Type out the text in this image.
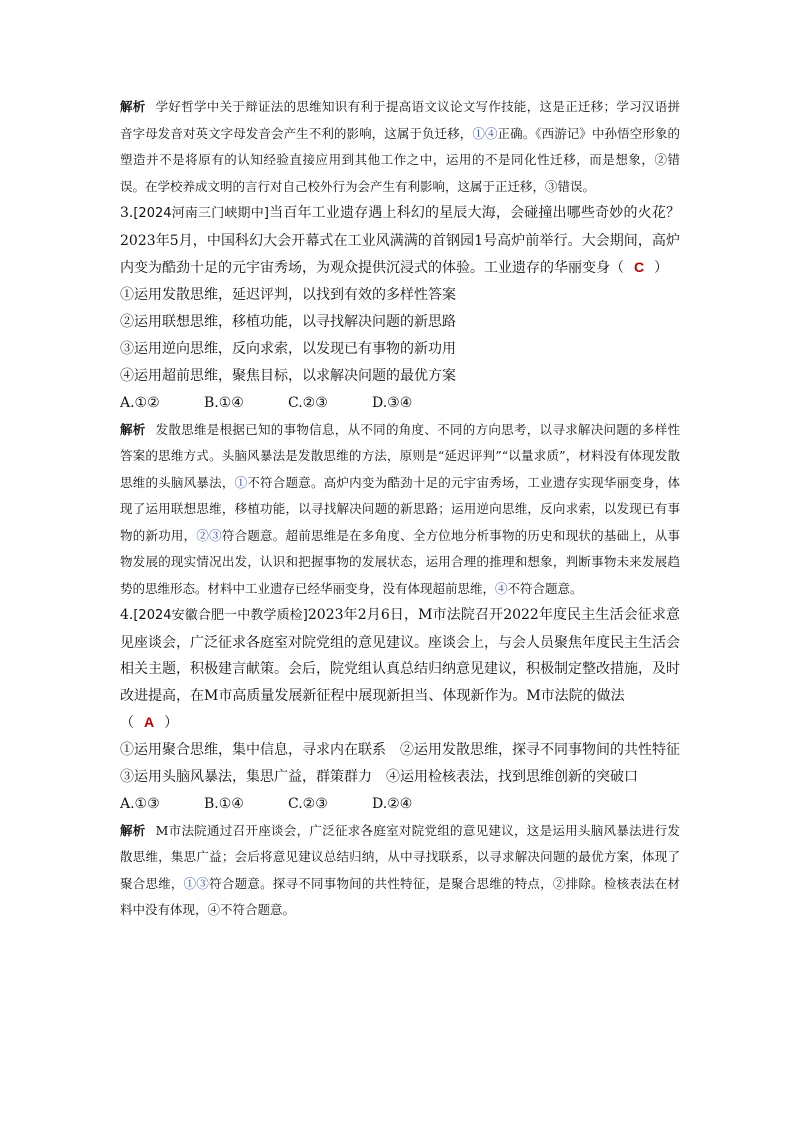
解析 学好哲学中关于辩证法的思维知识有利于提高语文议论文写作技能，这是正迁移；学习汉语拼音字母发音对英文字母发音会产生不利的影响，这属于负迁移，①④正确。《西游记》中孙悟空形象的塑造并不是将原有的认知经验直接应用到其他工作之中，运用的不是同化性迁移，而是想象，②错误。在学校养成文明的言行对自己校外行为会产生有利影响，这属于正迁移，③错误。

3.[2024河南三门峡期中]当百年工业遗存遇上科幻的星辰大海，会碰撞出哪些奇妙的火花？2023年5月，中国科幻大会开幕式在工业风满满的首钢园1号高炉前举行。大会期间，高炉内变为酷劲十足的元宇宙秀场，为观众提供沉浸式的体验。工业遗存的华丽变身（ C ）

①运用发散思维，延迟评判，以找到有效的多样性答案

②运用联想思维，移植功能，以寻找解决问题的新思路

③运用逆向思维，反向求索，以发现已有事物的新功用

④运用超前思维，聚焦目标，以求解决问题的最优方案

A.①②	B.①④	C.②③	D.③④

解析 发散思维是根据已知的事物信息，从不同的角度、不同的方向思考，以寻求解决问题的多样性答案的思维方式。头脑风暴法是发散思维的方法，原则是“延迟评判”“以量求质”，材料没有体现发散思维的头脑风暴法，①不符合题意。高炉内变为酷劲十足的元宇宙秀场，工业遗存实现华丽变身，体现了运用联想思维，移植功能，以寻找解决问题的新思路；运用逆向思维，反向求索，以发现已有事物的新功用，②③符合题意。超前思维是在多角度、全方位地分析事物的历史和现状的基础上，从事物发展的现实情况出发，认识和把握事物的发展状态，运用合理的推理和想象，判断事物未来发展趋势的思维形态。材料中工业遗存已经华丽变身，没有体现超前思维，④不符合题意。

4.[2024安徽合肥一中教学质检]2023年2月6日，M市法院召开2022年度民主生活会征求意见座谈会，广泛征求各庭室对院党组的意见建议。座谈会上，与会人员聚焦年度民主生活会相关主题，积极建言献策。会后，院党组认真总结归纳意见建议，积极制定整改措施，及时改进提高，在M市高质量发展新征程中展现新担当、体现新作为。M市法院的做法
（ A ）

①运用聚合思维，集中信息，寻求内在联系　②运用发散思维，探寻不同事物间的共性特征

③运用头脑风暴法，集思广益，群策群力　④运用检核表法，找到思维创新的突破口

A.①③	B.①④	C.②③	D.②④

解析 M市法院通过召开座谈会，广泛征求各庭室对院党组的意见建议，这是运用头脑风暴法进行发散思维，集思广益；会后将意见建议总结归纳，从中寻找联系，以寻求解决问题的最优方案，体现了聚合思维，①③符合题意。探寻不同事物间的共性特征，是聚合思维的特点，②排除。检核表法在材料中没有体现，④不符合题意。
